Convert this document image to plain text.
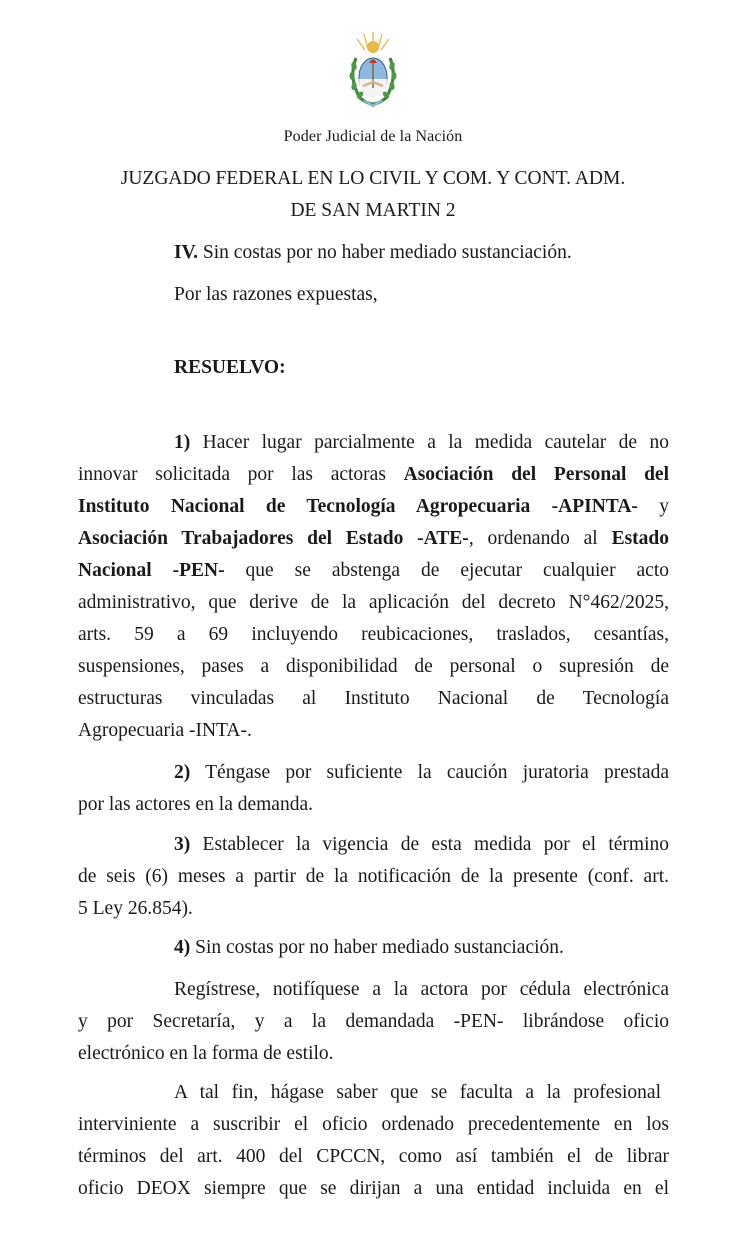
Poder Judicial de la Nación
JUZGADO FEDERAL EN LO CIVIL Y COM. Y CONT. ADM.
DE SAN MARTIN 2
IV. Sin costas por no haber mediado sustanciación.
Por las razones expuestas,
RESUELVO:
1) Hacer lugar parcialmente a la medida cautelar de no
innovar solicitada por las actoras Asociación del Personal del
Instituto Nacional de Tecnología Agropecuaria -APINTA- y
Asociación Trabajadores del Estado -ATE-, ordenando al Estado
Nacional -PEN- que se abstenga de ejecutar cualquier acto
administrativo, que derive de la aplicación del decreto N°462/2025,
arts. 59 a 69 incluyendo reubicaciones, traslados, cesantías,
suspensiones, pases a disponibilidad de personal o supresión de
estructuras vinculadas al Instituto Nacional de Tecnología
Agropecuaria -INTA-.
2) Téngase por suficiente la caución juratoria prestada
por las actores en la demanda.
3) Establecer la vigencia de esta medida por el término
de seis (6) meses a partir de la notificación de la presente (conf. art.
5 Ley 26.854).
4) Sin costas por no haber mediado sustanciación.
Regístrese, notifíquese a la actora por cédula electrónica
y por Secretaría, y a la demandada -PEN- librándose oficio
electrónico en la forma de estilo.
A tal fin, hágase saber que se faculta a la profesional
interviniente a suscribir el oficio ordenado precedentemente en los
términos del art. 400 del CPCCN, como así también el de librar
oficio DEOX siempre que se dirijan a una entidad incluida en el
